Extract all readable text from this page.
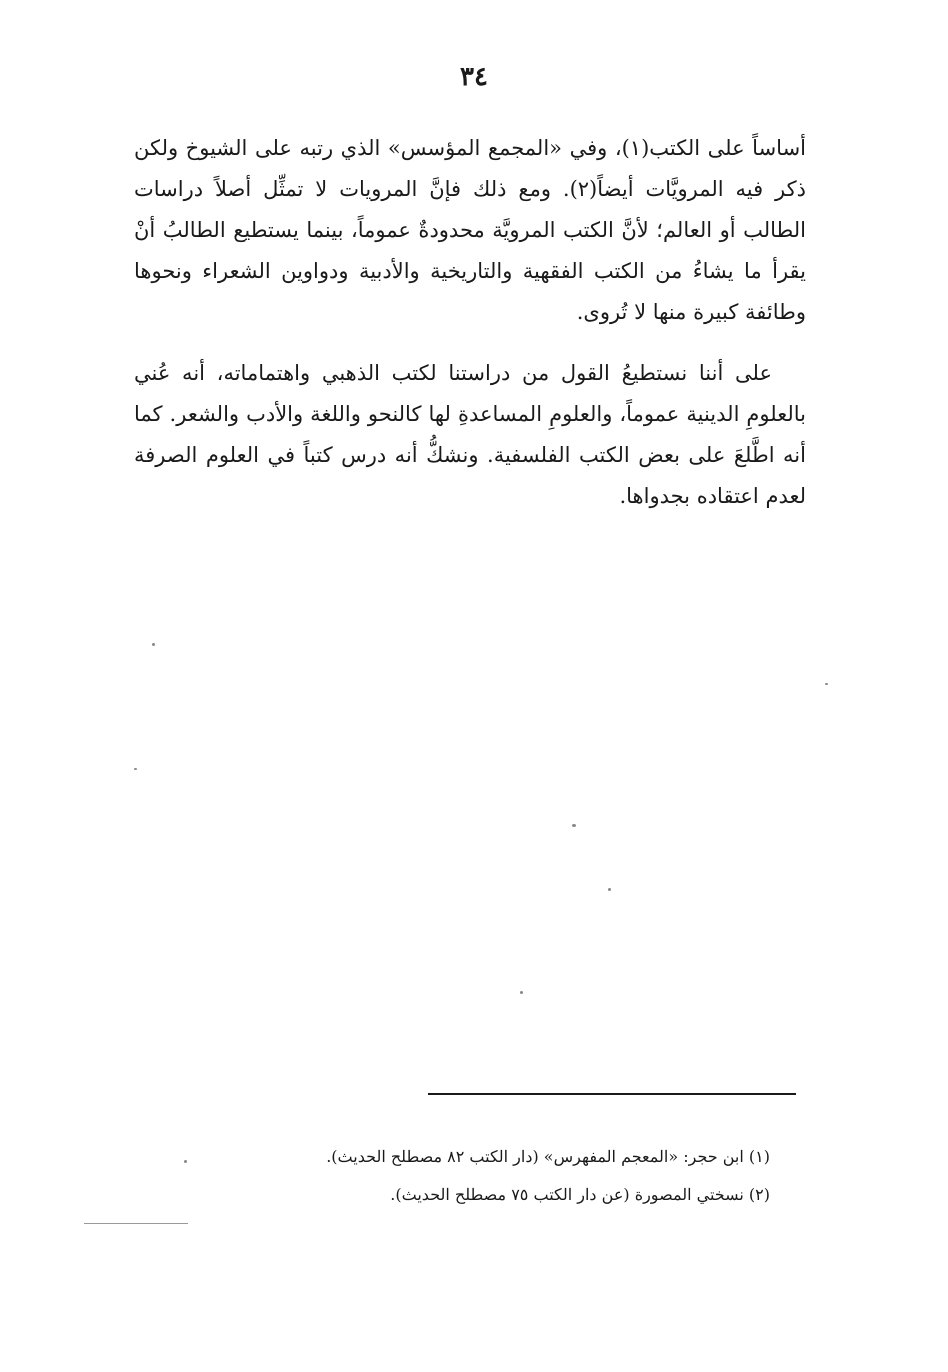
٣٤

أساساً على الكتب(١)، وفي «المجمع المؤسس» الذي رتبه على الشيوخ ولكن ذكر فيه المرويَّات أيضاً(٢). ومع ذلك فإنَّ المرويات لا تمثِّل أصلاً دراسات الطالب أو العالم؛ لأنَّ الكتب المرويَّة محدودةٌ عموماً، بينما يستطيع الطالبُ أنْ يقرأ ما يشاءُ من الكتب الفقهية والتاريخية والأدبية ودواوين الشعراء ونحوها وطائفة كبيرة منها لا تُروى.

على أننا نستطيعُ القول من دراستنا لكتب الذهبي واهتماماته، أنه عُني بالعلومِ الدينية عموماً، والعلومِ المساعدةِ لها كالنحو واللغة والأدب والشعر. كما أنه اطَّلعَ على بعض الكتب الفلسفية. ونشكُّ أنه درس كتباً في العلوم الصرفة لعدم اعتقاده بجدواها.

(١) ابن حجر: «المعجم المفهرس» (دار الكتب ٨٢ مصطلح الحديث).

(٢) نسختي المصورة (عن دار الكتب ٧٥ مصطلح الحديث).
